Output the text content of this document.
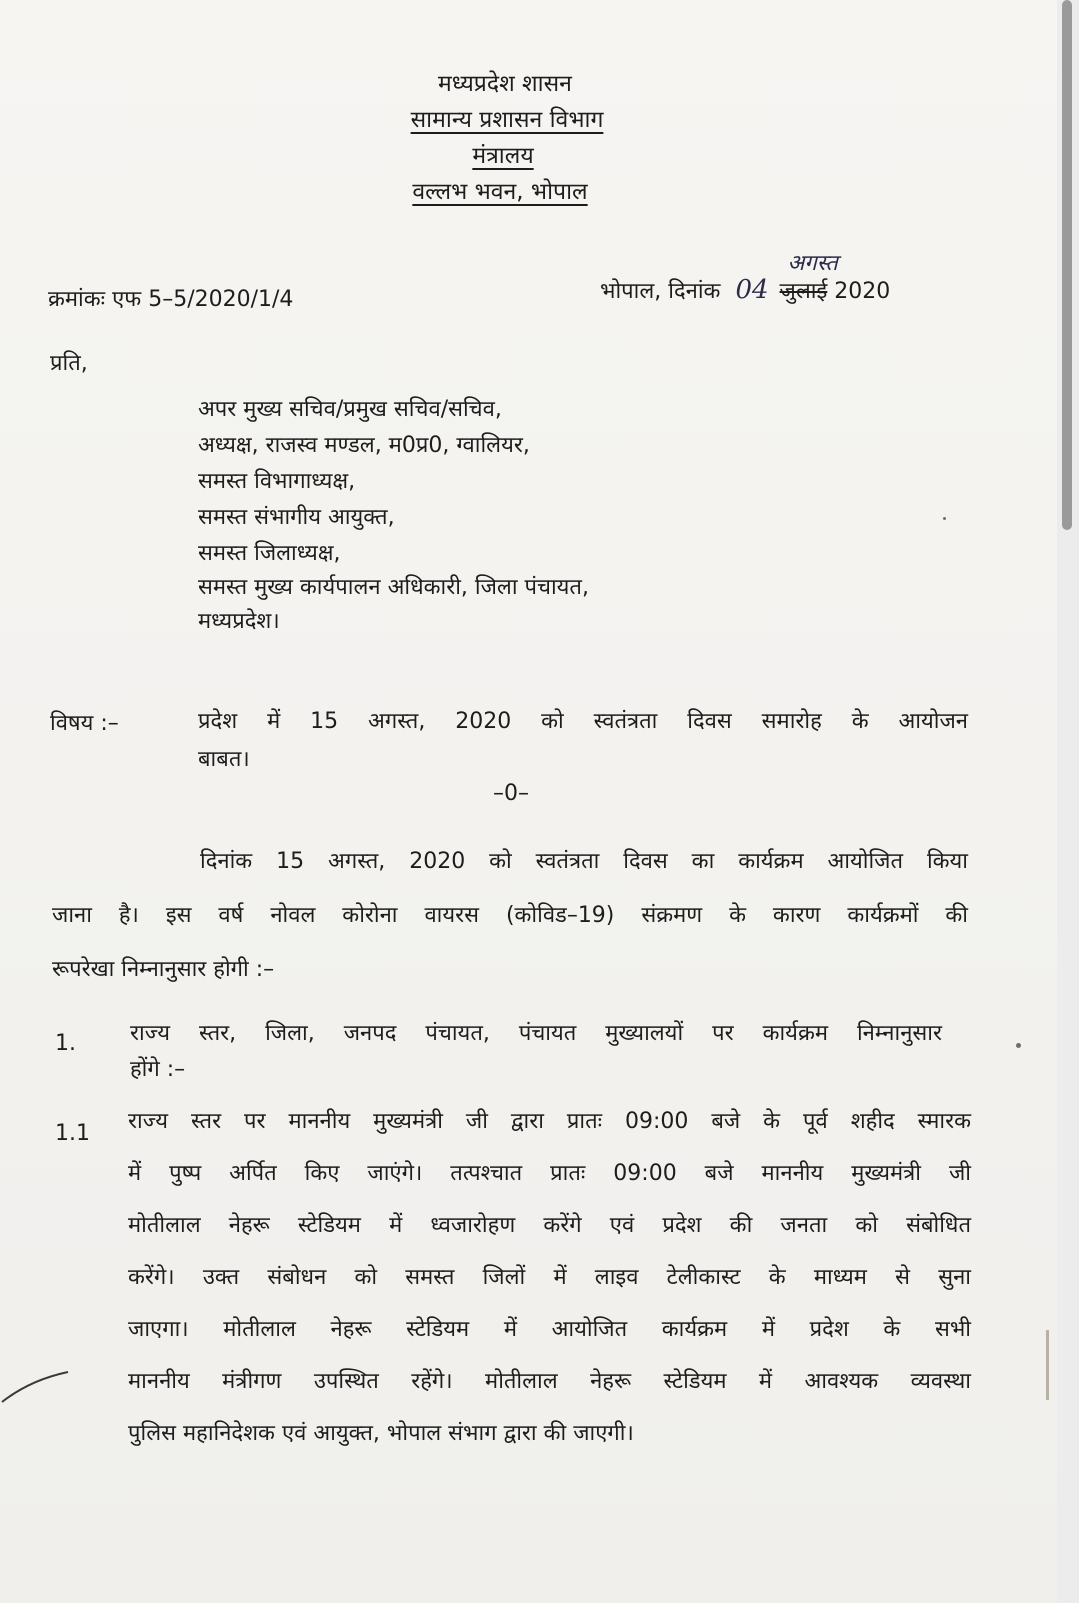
मध्यप्रदेश शासन
सामान्य प्रशासन विभाग
मंत्रालय
वल्लभ भवन, भोपाल
क्रमांकः एफ 5–5/2020/1/4	भोपाल, दिनांक 04
अगस्त
जुलाई 2020
प्रति,
अपर मुख्य सचिव/प्रमुख सचिव/सचिव,
अध्यक्ष, राजस्व मण्डल, म0प्र0, ग्वालियर,
समस्त विभागाध्यक्ष,
समस्त संभागीय आयुक्त,
समस्त जिलाध्यक्ष,
समस्त मुख्य कार्यपालन अधिकारी, जिला पंचायत,
मध्यप्रदेश।
विषय :–	प्रदेश में 15 अगस्त, 2020 को स्वतंत्रता दिवस समारोह के आयोजन
बाबत।
–0–
दिनांक 15 अगस्त, 2020 को स्वतंत्रता दिवस का कार्यक्रम आयोजित किया
जाना है। इस वर्ष नोवल कोरोना वायरस (कोविड–19) संक्रमण के कारण कार्यक्रमों की
रूपरेखा निम्नानुसार होगी :–
1. राज्य स्तर, जिला, जनपद पंचायत, पंचायत मुख्यालयों पर कार्यक्रम निम्नानुसार
होंगे :–
1.1 राज्य स्तर पर माननीय मुख्यमंत्री जी द्वारा प्रातः 09:00 बजे के पूर्व शहीद स्मारक
में पुष्प अर्पित किए जाएंगे। तत्पश्चात प्रातः 09:00 बजे माननीय मुख्यमंत्री जी
मोतीलाल नेहरू स्टेडियम में ध्वजारोहण करेंगे एवं प्रदेश की जनता को संबोधित
करेंगे। उक्त संबोधन को समस्त जिलों में लाइव टेलीकास्ट के माध्यम से सुना
जाएगा। मोतीलाल नेहरू स्टेडियम में आयोजित कार्यक्रम में प्रदेश के सभी
माननीय मंत्रीगण उपस्थित रहेंगे। मोतीलाल नेहरू स्टेडियम में आवश्यक व्यवस्था
पुलिस महानिदेशक एवं आयुक्त, भोपाल संभाग द्वारा की जाएगी।
